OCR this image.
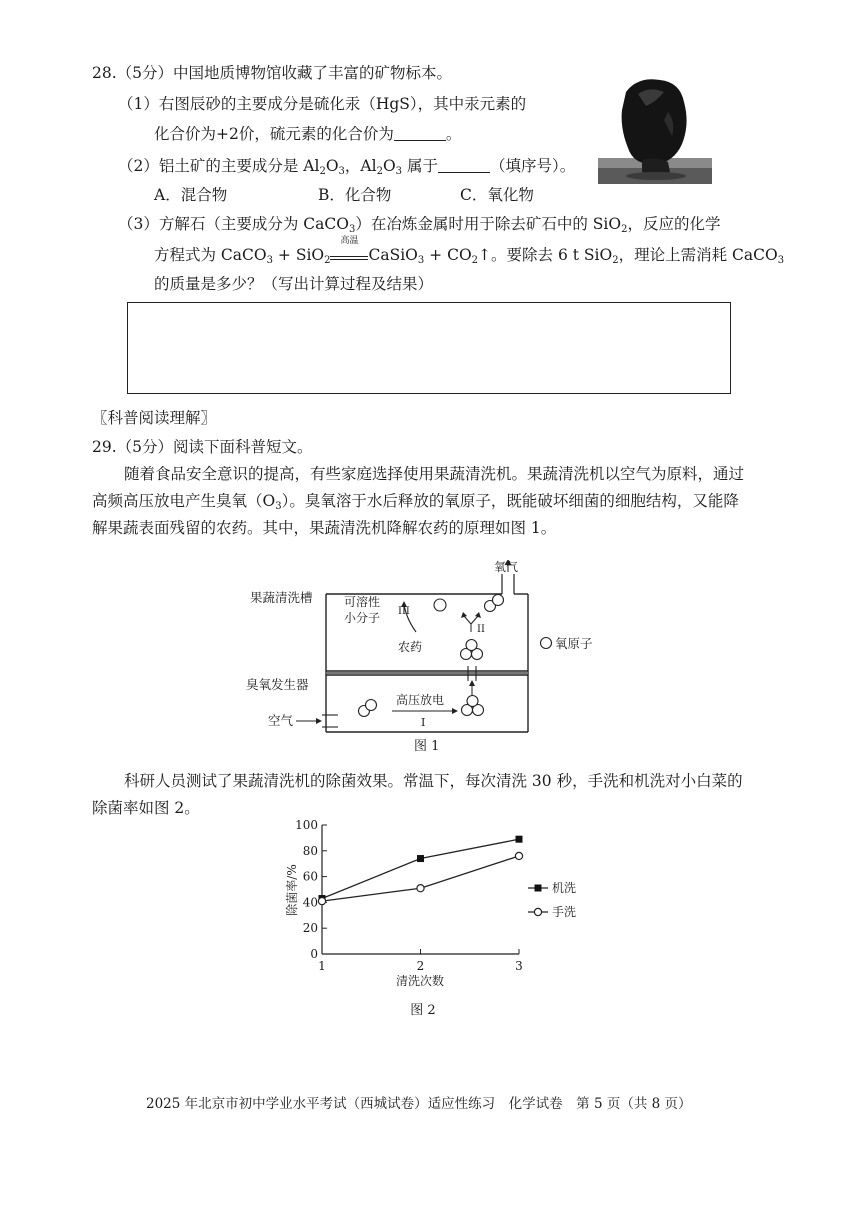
28.（5分）中国地质博物馆收藏了丰富的矿物标本。
（1）右图辰砂的主要成分是硫化汞（HgS），其中汞元素的
化合价为+2价，硫元素的化合价为	。
（2）铝土矿的主要成分是 $Al_2O_3$，$Al_2O_3$ 属于	（填序号）。
A．混合物	B．化合物	C．氧化物
（3）方解石（主要成分为 CaCO$_3$）在冶炼金属时用于除去矿石中的 SiO$_2$，反应的化学
方程式为 CaCO$_3$ + SiO$_2$
高温
CaSiO$_3$ + $CO_2↑$。要除去 6 t SiO$_2$，理论上需消耗 CaCO$_3$
的质量是多少？（写出计算过程及结果）
〖科普阅读理解〗
29.（5分）阅读下面科普短文。
随着食品安全意识的提高，有些家庭选择使用果蔬清洗机。果蔬清洗机以空气为原料，通过高频高压放电产生臭氧$(O_3)$。臭氧溶于水后释放的氧原子，既能破坏细菌的细胞结构，又能降解果蔬表面残留的农药。其中，果蔬清洗机降解农药的原理如图 1。
果蔬清洗槽
臭氧发生器
空气
氧气
可溶性
小分子
农药
高压放电
I
II
III
氧原子
图 1
科研人员测试了果蔬清洗机的除菌效果。常温下，每次清洗 30 秒，手洗和机洗对小白菜的除菌率如图 2。
0
20
40
60
80
100
1	2	3
除菌率/%
清洗次数
机洗
手洗
图 2
2025 年北京市初中学业水平考试（西城试卷）适应性练习　化学试卷　第 5 页（共 8 页）
